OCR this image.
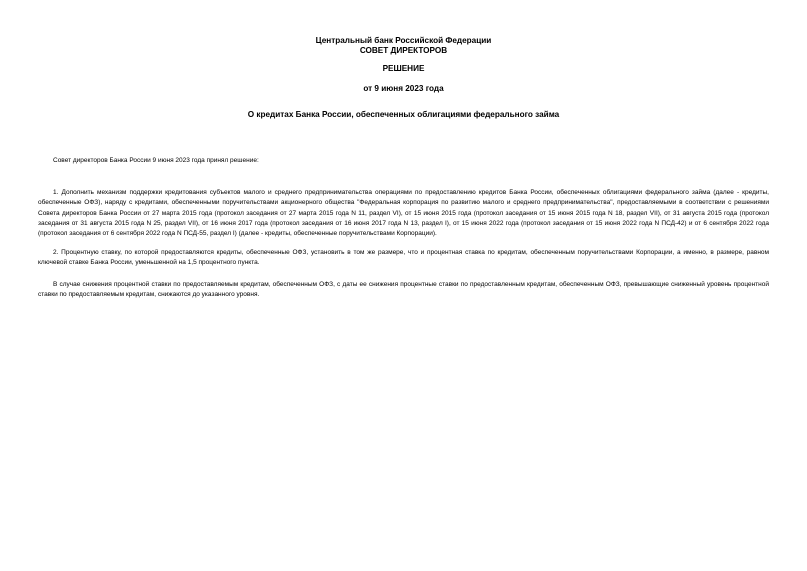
Центральный банк Российской Федерации
СОВЕТ ДИРЕКТОРОВ
РЕШЕНИЕ
от 9 июня 2023 года
О кредитах Банка России, обеспеченных облигациями федерального займа
Совет директоров Банка России 9 июня 2023 года принял решение:
1. Дополнить механизм поддержки кредитования субъектов малого и среднего предпринимательства операциями по предоставлению кредитов Банка России, обеспеченных облигациями федерального займа (далее - кредиты, обеспеченные ОФЗ), наряду с кредитами, обеспеченными поручительствами акционерного общества "Федеральная корпорация по развитию малого и среднего предпринимательства", предоставляемыми в соответствии с решениями Совета директоров Банка России от 27 марта 2015 года (протокол заседания от 27 марта 2015 года N 11, раздел VI), от 15 июня 2015 года (протокол заседания от 15 июня 2015 года N 18, раздел VII), от 31 августа 2015 года (протокол заседания от 31 августа 2015 года N 25, раздел VII), от 16 июня 2017 года (протокол заседания от 16 июня 2017 года N 13, раздел I), от 15 июня 2022 года (протокол заседания от 15 июня 2022 года N ПСД-42) и от 6 сентября 2022 года (протокол заседания от 6 сентября 2022 года N ПСД-55, раздел I) (далее - кредиты, обеспеченные поручительствами Корпорации).
2. Процентную ставку, по которой предоставляются кредиты, обеспеченные ОФЗ, установить в том же размере, что и процентная ставка по кредитам, обеспеченным поручительствами Корпорации, а именно, в размере, равном ключевой ставке Банка России, уменьшенной на 1,5 процентного пункта.
В случае снижения процентной ставки по предоставляемым кредитам, обеспеченным ОФЗ, с даты ее снижения процентные ставки по предоставленным кредитам, обеспеченным ОФЗ, превышающие сниженный уровень процентной ставки по предоставляемым кредитам, снижаются до указанного уровня.
